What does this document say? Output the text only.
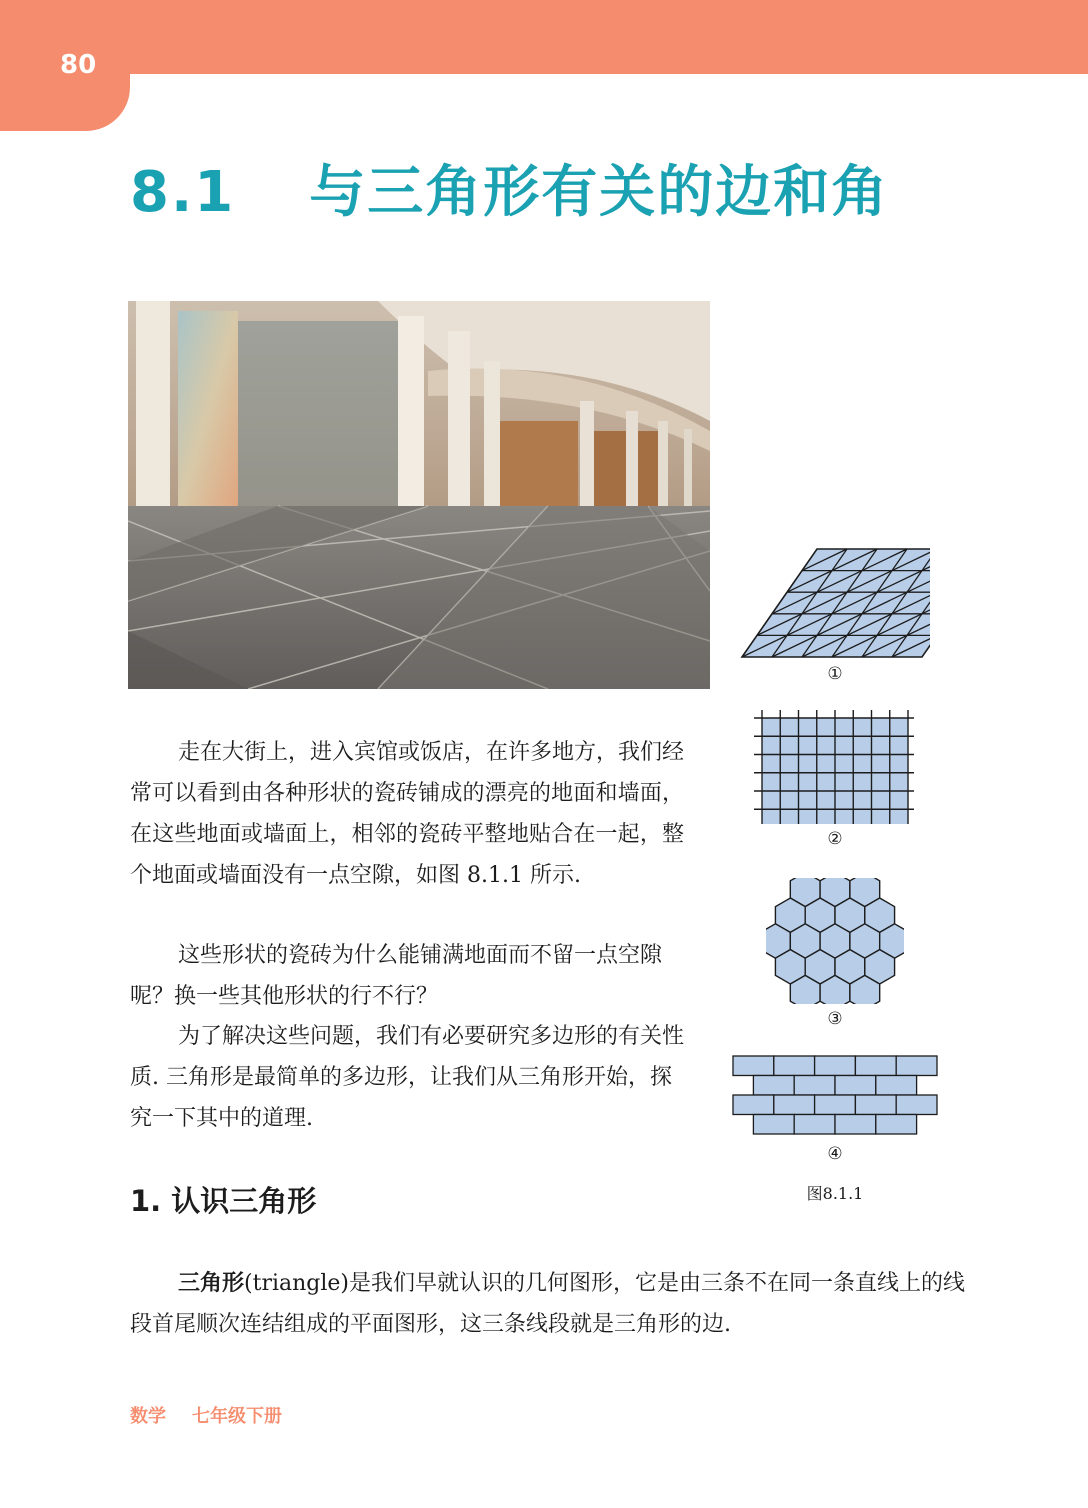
80
8.1 与三角形有关的边和角

走在大街上，进入宾馆或饭店，在许多地方，我们经常可以看到由各种形状的瓷砖铺成的漂亮的地面和墙面，在这些地面或墙面上，相邻的瓷砖平整地贴合在一起，整个地面或墙面没有一点空隙，如图 8.1.1 所示.

这些形状的瓷砖为什么能铺满地面而不留一点空隙呢？换一些其他形状的行不行？

为了解决这些问题，我们有必要研究多边形的有关性质. 三角形是最简单的多边形，让我们从三角形开始，探究一下其中的道理.

1. 认识三角形

三角形(triangle)是我们早就认识的几何图形，它是由三条不在同一条直线上的线段首尾顺次连结组成的平面图形，这三条线段就是三角形的边.

①
②
③
④
图8.1.1
数学 七年级下册
